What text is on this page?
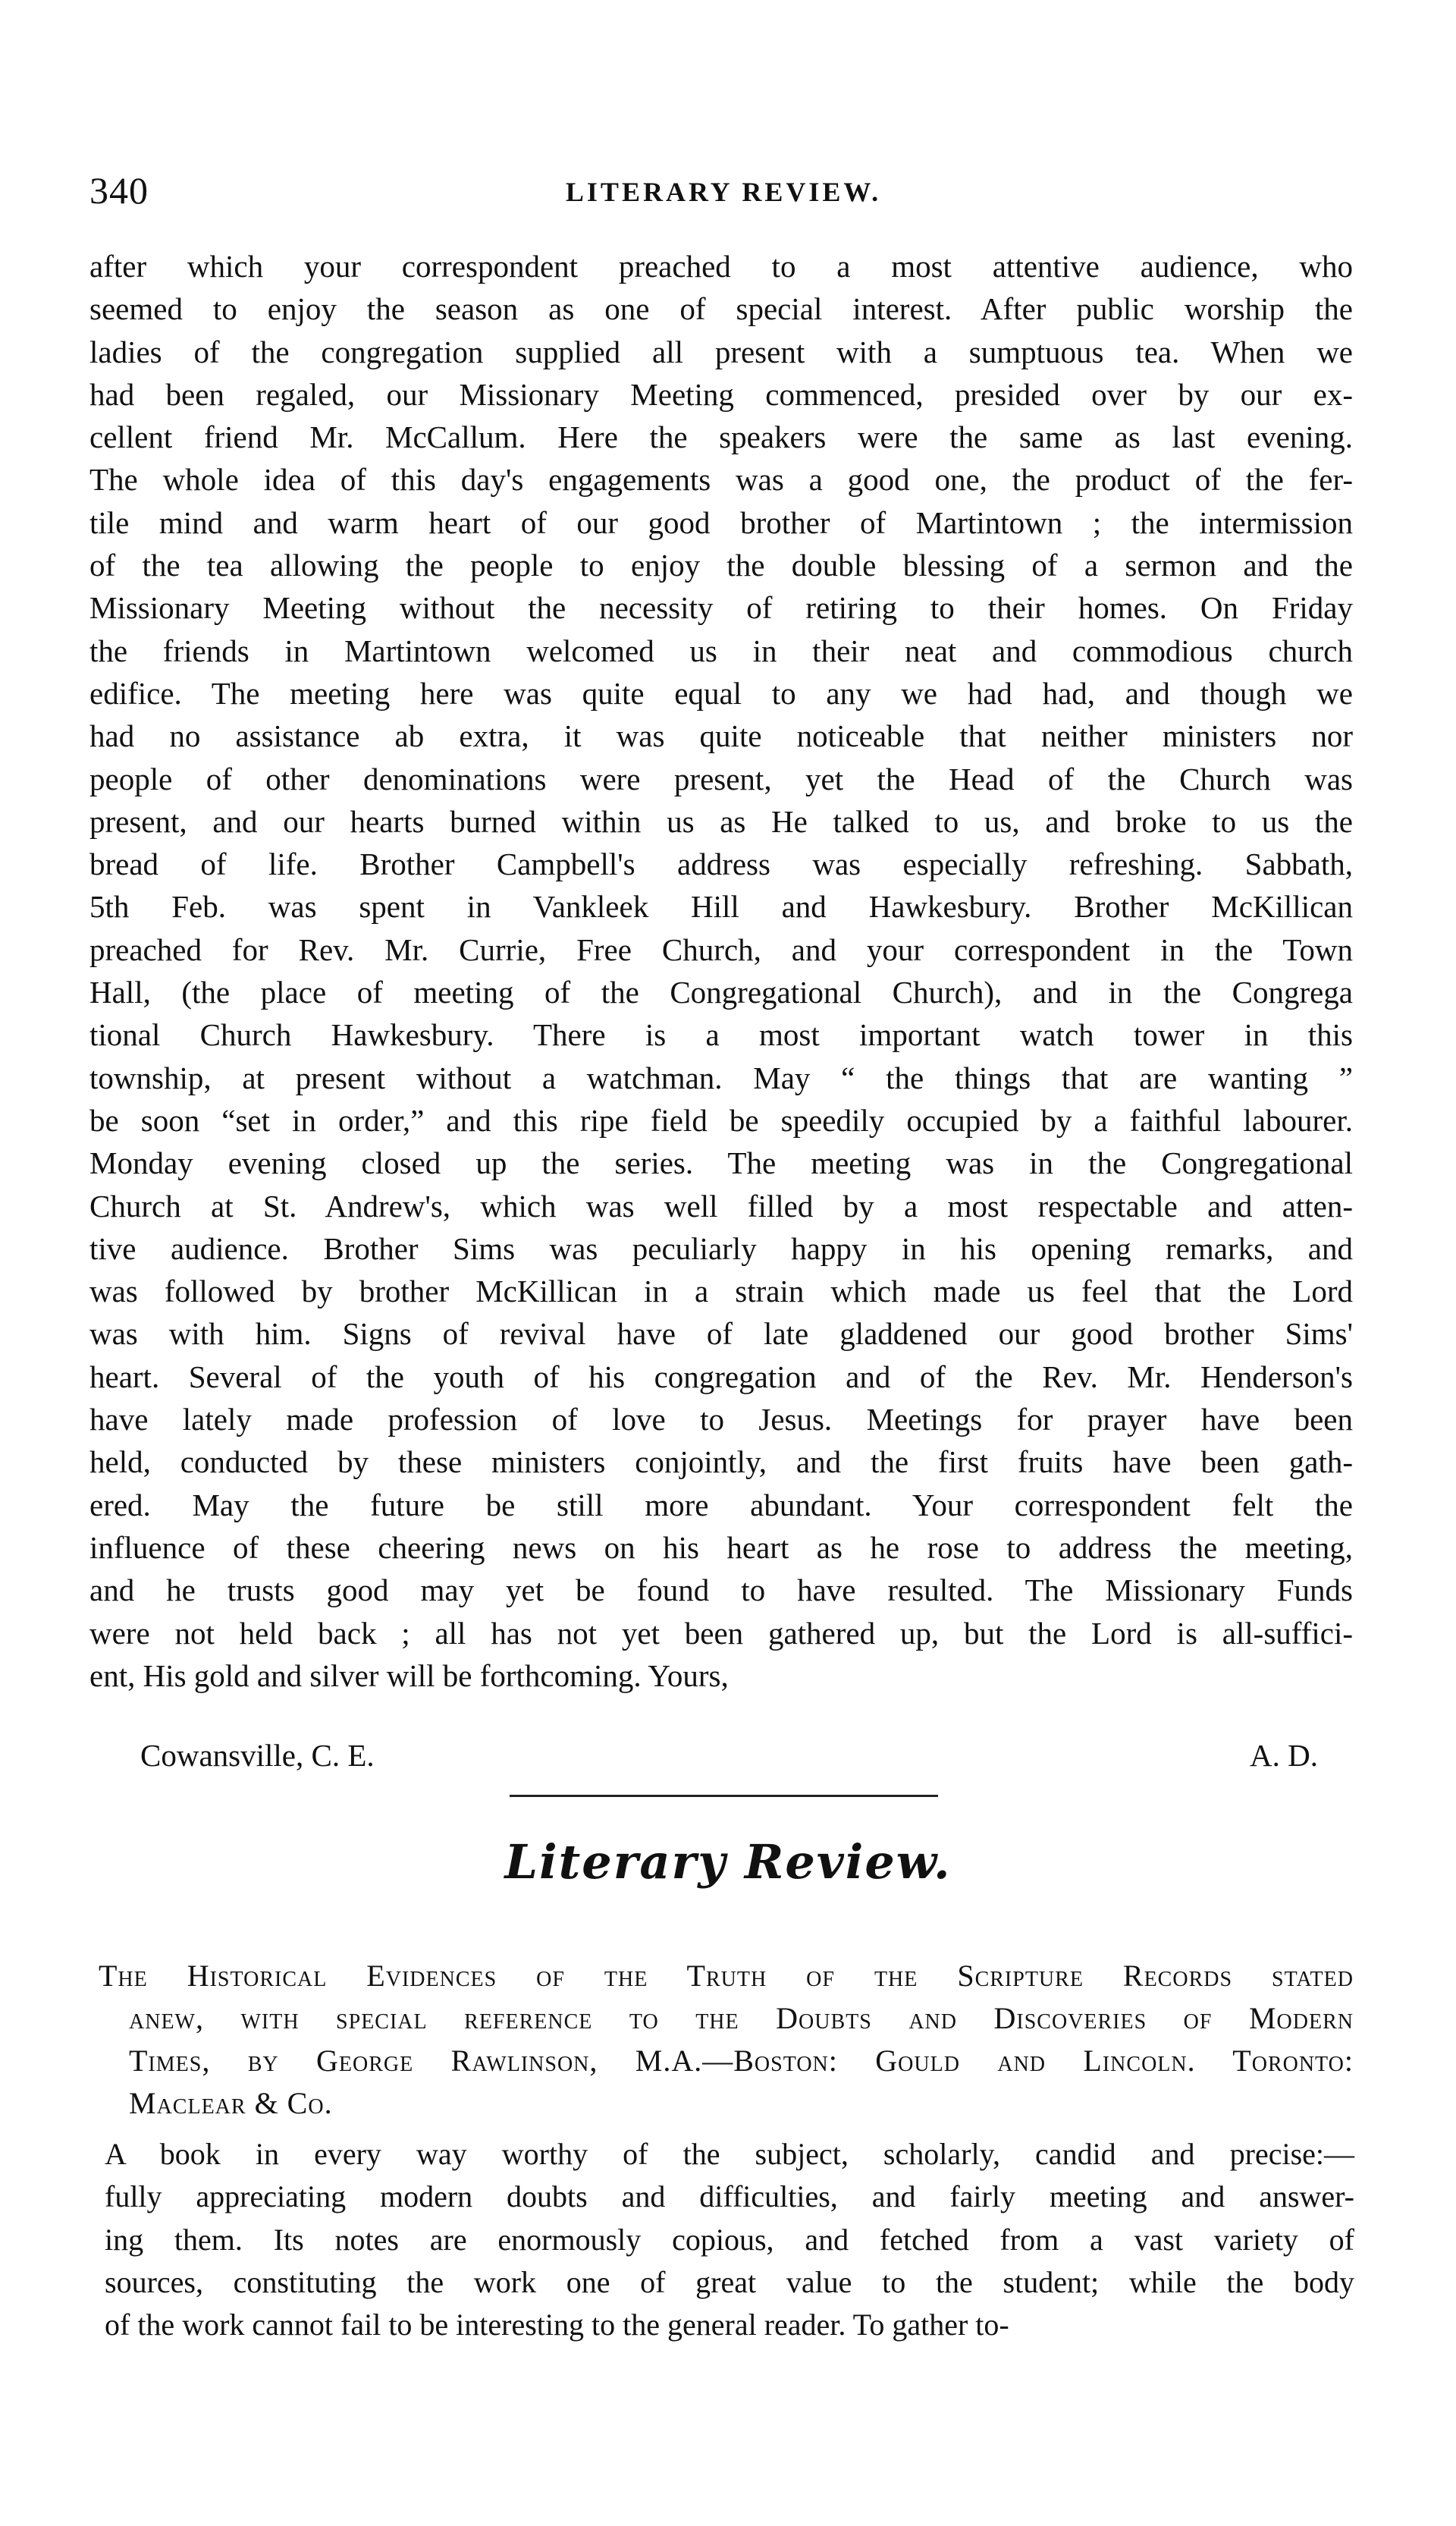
340	LITERARY REVIEW.
after which your correspondent preached to a most attentive audience, who
seemed to enjoy the season as one of special interest. After public worship the
ladies of the congregation supplied all present with a sumptuous tea. When we
had been regaled, our Missionary Meeting commenced, presided over by our ex-
cellent friend Mr. McCallum. Here the speakers were the same as last evening.
The whole idea of this day's engagements was a good one, the product of the fer-
tile mind and warm heart of our good brother of Martintown ; the intermission
of the tea allowing the people to enjoy the double blessing of a sermon and the
Missionary Meeting without the necessity of retiring to their homes. On Friday
the friends in Martintown welcomed us in their neat and commodious church
edifice. The meeting here was quite equal to any we had had, and though we
had no assistance ab extra, it was quite noticeable that neither ministers nor
people of other denominations were present, yet the Head of the Church was
present, and our hearts burned within us as He talked to us, and broke to us the
bread of life. Brother Campbell's address was especially refreshing. Sabbath,
5th Feb. was spent in Vankleek Hill and Hawkesbury. Brother McKillican
preached for Rev. Mr. Currie, Free Church, and your correspondent in the Town
Hall, (the place of meeting of the Congregational Church), and in the Congrega
tional Church Hawkesbury. There is a most important watch tower in this
township, at present without a watchman. May “ the things that are wanting ”
be soon “set in order,” and this ripe field be speedily occupied by a faithful labourer.
Monday evening closed up the series. The meeting was in the Congregational
Church at St. Andrew's, which was well filled by a most respectable and atten-
tive audience. Brother Sims was peculiarly happy in his opening remarks, and
was followed by brother McKillican in a strain which made us feel that the Lord
was with him. Signs of revival have of late gladdened our good brother Sims'
heart. Several of the youth of his congregation and of the Rev. Mr. Henderson's
have lately made profession of love to Jesus. Meetings for prayer have been
held, conducted by these ministers conjointly, and the first fruits have been gath-
ered. May the future be still more abundant. Your correspondent felt the
influence of these cheering news on his heart as he rose to address the meeting,
and he trusts good may yet be found to have resulted. The Missionary Funds
were not held back ; all has not yet been gathered up, but the Lord is all-suffici-
ent, His gold and silver will be forthcoming. Yours,
Cowansville, C. E.	A. D.
Literary Review.
The Historical Evidences of the Truth of the Scripture Records stated
anew, with special reference to the Doubts and Discoveries of Modern
Times, by George Rawlinson, M.A.—Boston: Gould and Lincoln. Toronto:
Maclear & Co.
A book in every way worthy of the subject, scholarly, candid and precise:—
fully appreciating modern doubts and difficulties, and fairly meeting and answer-
ing them. Its notes are enormously copious, and fetched from a vast variety of
sources, constituting the work one of great value to the student; while the body
of the work cannot fail to be interesting to the general reader. To gather to-
